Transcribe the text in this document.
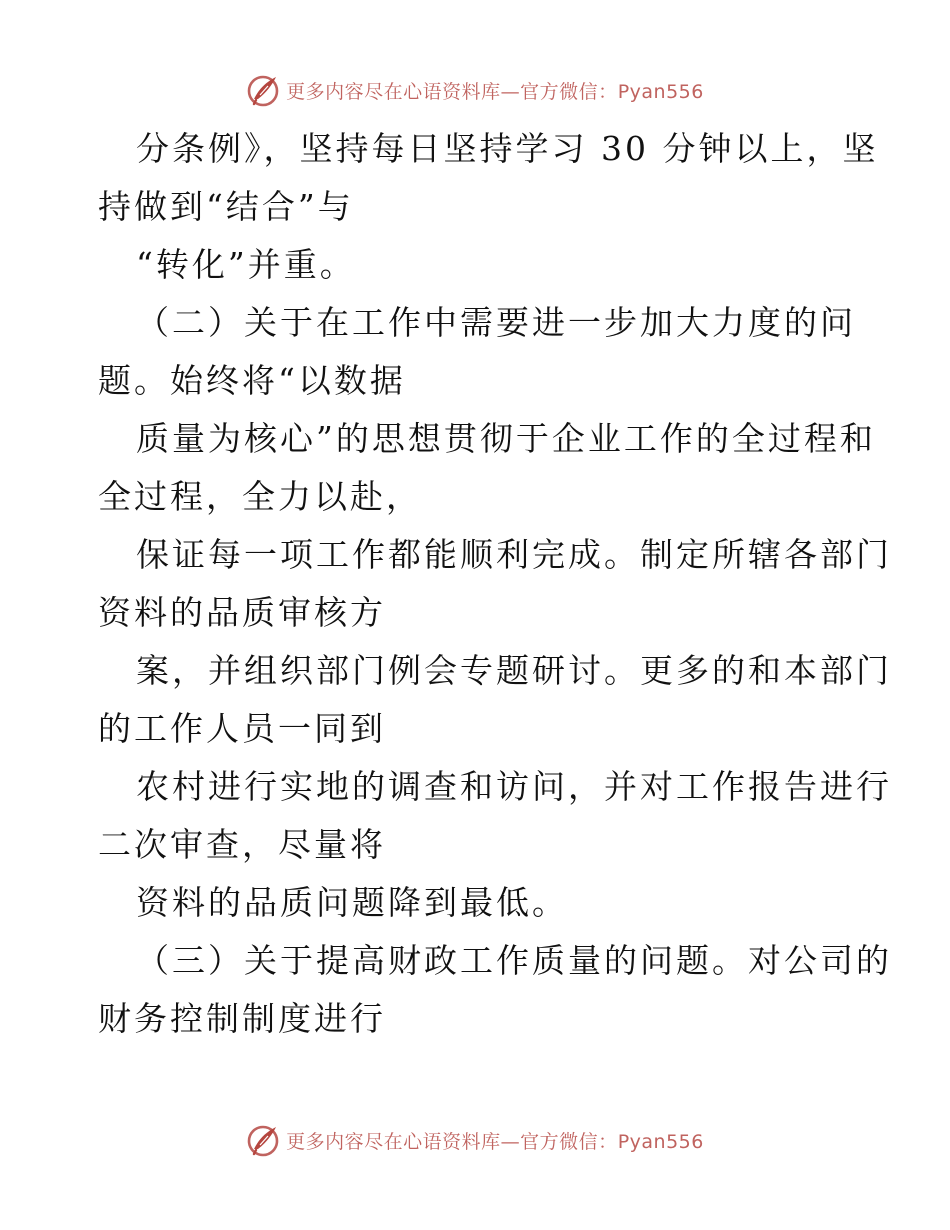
更多内容尽在心语资料库—官方微信：Pyan556
分条例》，坚持每日坚持学习 30 分钟以上，坚
持做到“结合”与
“转化”并重。
（二）关于在工作中需要进一步加大力度的问
题。始终将“以数据
质量为核心”的思想贯彻于企业工作的全过程和
全过程，全力以赴，
保证每一项工作都能顺利完成。制定所辖各部门
资料的品质审核方
案，并组织部门例会专题研讨。更多的和本部门
的工作人员一同到
农村进行实地的调查和访问，并对工作报告进行
二次审查，尽量将
资料的品质问题降到最低。
（三）关于提高财政工作质量的问题。对公司的
财务控制制度进行
更多内容尽在心语资料库—官方微信：Pyan556
